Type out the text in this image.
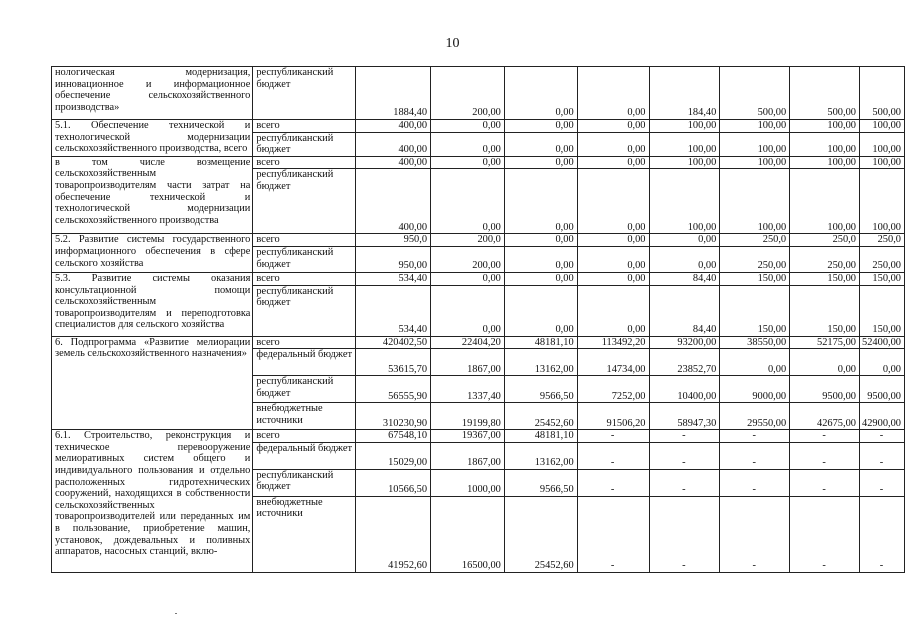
10
нологическая модернизация, инновационное и информационное обеспечение сельскохозяйственного производства»	республиканский бюджет	1884,40	200,00	0,00	0,00	184,40	500,00	500,00	500,00
5.1. Обеспечение технической и технологической модернизации сельскохозяйственного производства, всего	всего	400,00	0,00	0,00	0,00	100,00	100,00	100,00	100,00
	республиканский бюджет	400,00	0,00	0,00	0,00	100,00	100,00	100,00	100,00
в том числе возмещение сельскохозяйственным товаропроизводителям части затрат на обеспечение технической и технологической модернизации сельскохозяйственного производства	всего	400,00	0,00	0,00	0,00	100,00	100,00	100,00	100,00
	республиканский бюджет	400,00	0,00	0,00	0,00	100,00	100,00	100,00	100,00
5.2. Развитие системы государственного информационного обеспечения в сфере сельского хозяйства	всего	950,0	200,0	0,00	0,00	0,00	250,0	250,0	250,0
	республиканский бюджет	950,00	200,00	0,00	0,00	0,00	250,00	250,00	250,00
5.3. Развитие системы оказания консультационной помощи сельскохозяйственным товаропроизводителям и переподготовка специалистов для сельского хозяйства	всего	534,40	0,00	0,00	0,00	84,40	150,00	150,00	150,00
	республиканский бюджет	534,40	0,00	0,00	0,00	84,40	150,00	150,00	150,00
6. Подпрограмма «Развитие мелиорации земель сельскохозяйственного назначения»	всего	420402,50	22404,20	48181,10	113492,20	93200,00	38550,00	52175,00	52400,00
	федеральный бюджет	53615,70	1867,00	13162,00	14734,00	23852,70	0,00	0,00	0,00
	республиканский бюджет	56555,90	1337,40	9566,50	7252,00	10400,00	9000,00	9500,00	9500,00
	внебюджетные источники	310230,90	19199,80	25452,60	91506,20	58947,30	29550,00	42675,00	42900,00
6.1. Строительство, реконструкция и техническое перевооружение мелиоративных систем общего и индивидуального пользования и отдельно расположенных гидротехнических сооружений, находящихся в собственности сельскохозяйственных товаропроизводителей или переданных им в пользование, приобретение машин, установок, дождевальных и поливных аппаратов, насосных станций, вклю-	всего	67548,10	19367,00	48181,10	-	-	-	-	-
	федеральный бюджет	15029,00	1867,00	13162,00	-	-	-	-	-
	республиканский бюджет	10566,50	1000,00	9566,50	-	-	-	-	-
	внебюджетные источники	41952,60	16500,00	25452,60	-	-	-	-	-
